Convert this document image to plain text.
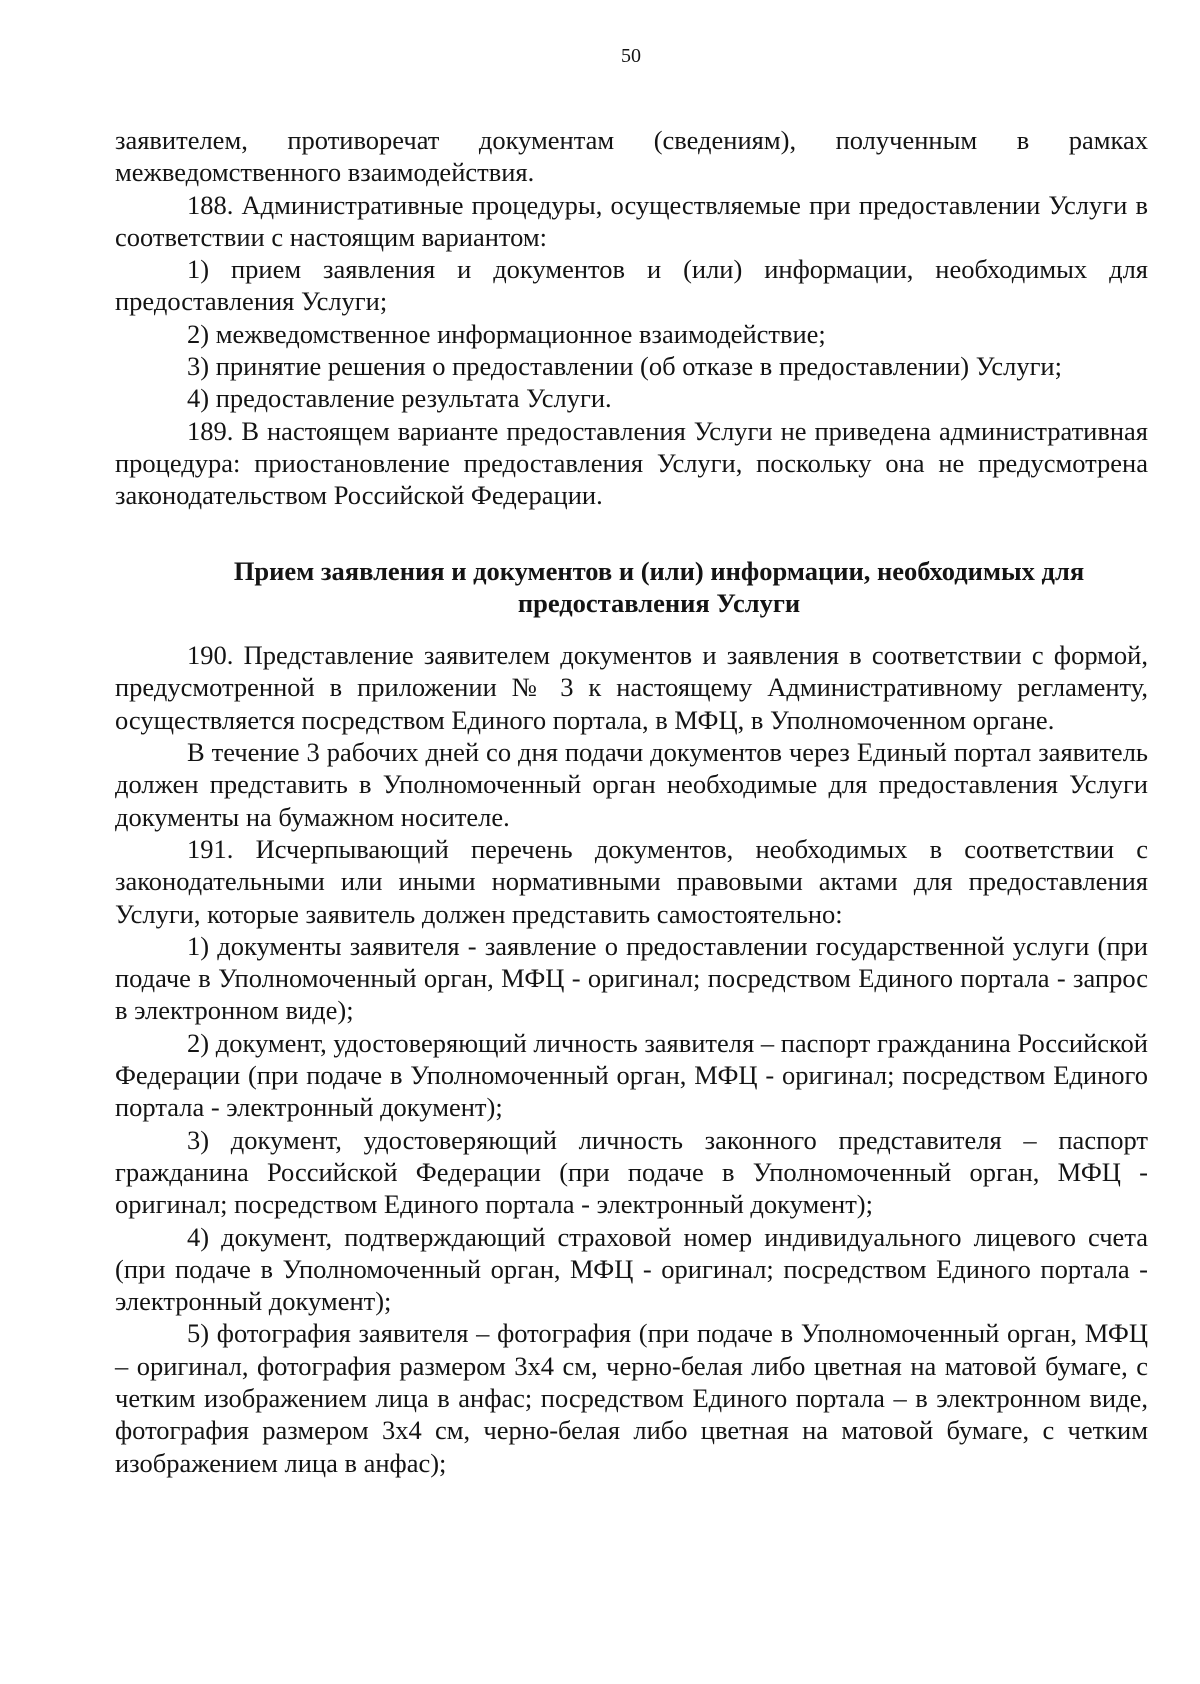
50

заявителем, противоречат документам (сведениям), полученным в рамках межведомственного взаимодействия.

188. Административные процедуры, осуществляемые при предоставлении Услуги в соответствии с настоящим вариантом:

1) прием заявления и документов и (или) информации, необходимых для предоставления Услуги;

2) межведомственное информационное взаимодействие;

3) принятие решения о предоставлении (об отказе в предоставлении) Услуги;

4) предоставление результата Услуги.

189. В настоящем варианте предоставления Услуги не приведена административная процедура: приостановление предоставления Услуги, поскольку она не предусмотрена законодательством Российской Федерации.

Прием заявления и документов и (или) информации, необходимых для
предоставления Услуги

190. Представление заявителем документов и заявления в соответствии с формой, предусмотренной в приложении № 3 к настоящему Административному регламенту, осуществляется посредством Единого портала, в МФЦ, в Уполномоченном органе.

В течение 3 рабочих дней со дня подачи документов через Единый портал заявитель должен представить в Уполномоченный орган необходимые для предоставления Услуги документы на бумажном носителе.

191. Исчерпывающий перечень документов, необходимых в соответствии с законодательными или иными нормативными правовыми актами для предоставления Услуги, которые заявитель должен представить самостоятельно:

1) документы заявителя - заявление о предоставлении государственной услуги (при подаче в Уполномоченный орган, МФЦ - оригинал; посредством Единого портала - запрос в электронном виде);

2) документ, удостоверяющий личность заявителя – паспорт гражданина Российской Федерации (при подаче в Уполномоченный орган, МФЦ - оригинал; посредством Единого портала - электронный документ);

3) документ, удостоверяющий личность законного представителя – паспорт гражданина Российской Федерации (при подаче в Уполномоченный орган, МФЦ - оригинал; посредством Единого портала - электронный документ);

4) документ, подтверждающий страховой номер индивидуального лицевого счета (при подаче в Уполномоченный орган, МФЦ - оригинал; посредством Единого портала - электронный документ);

5) фотография заявителя – фотография (при подаче в Уполномоченный орган, МФЦ – оригинал, фотография размером 3х4 см, черно-белая либо цветная на матовой бумаге, с четким изображением лица в анфас; посредством Единого портала – в электронном виде, фотография размером 3х4 см, черно-белая либо цветная на матовой бумаге, с четким изображением лица в анфас);
